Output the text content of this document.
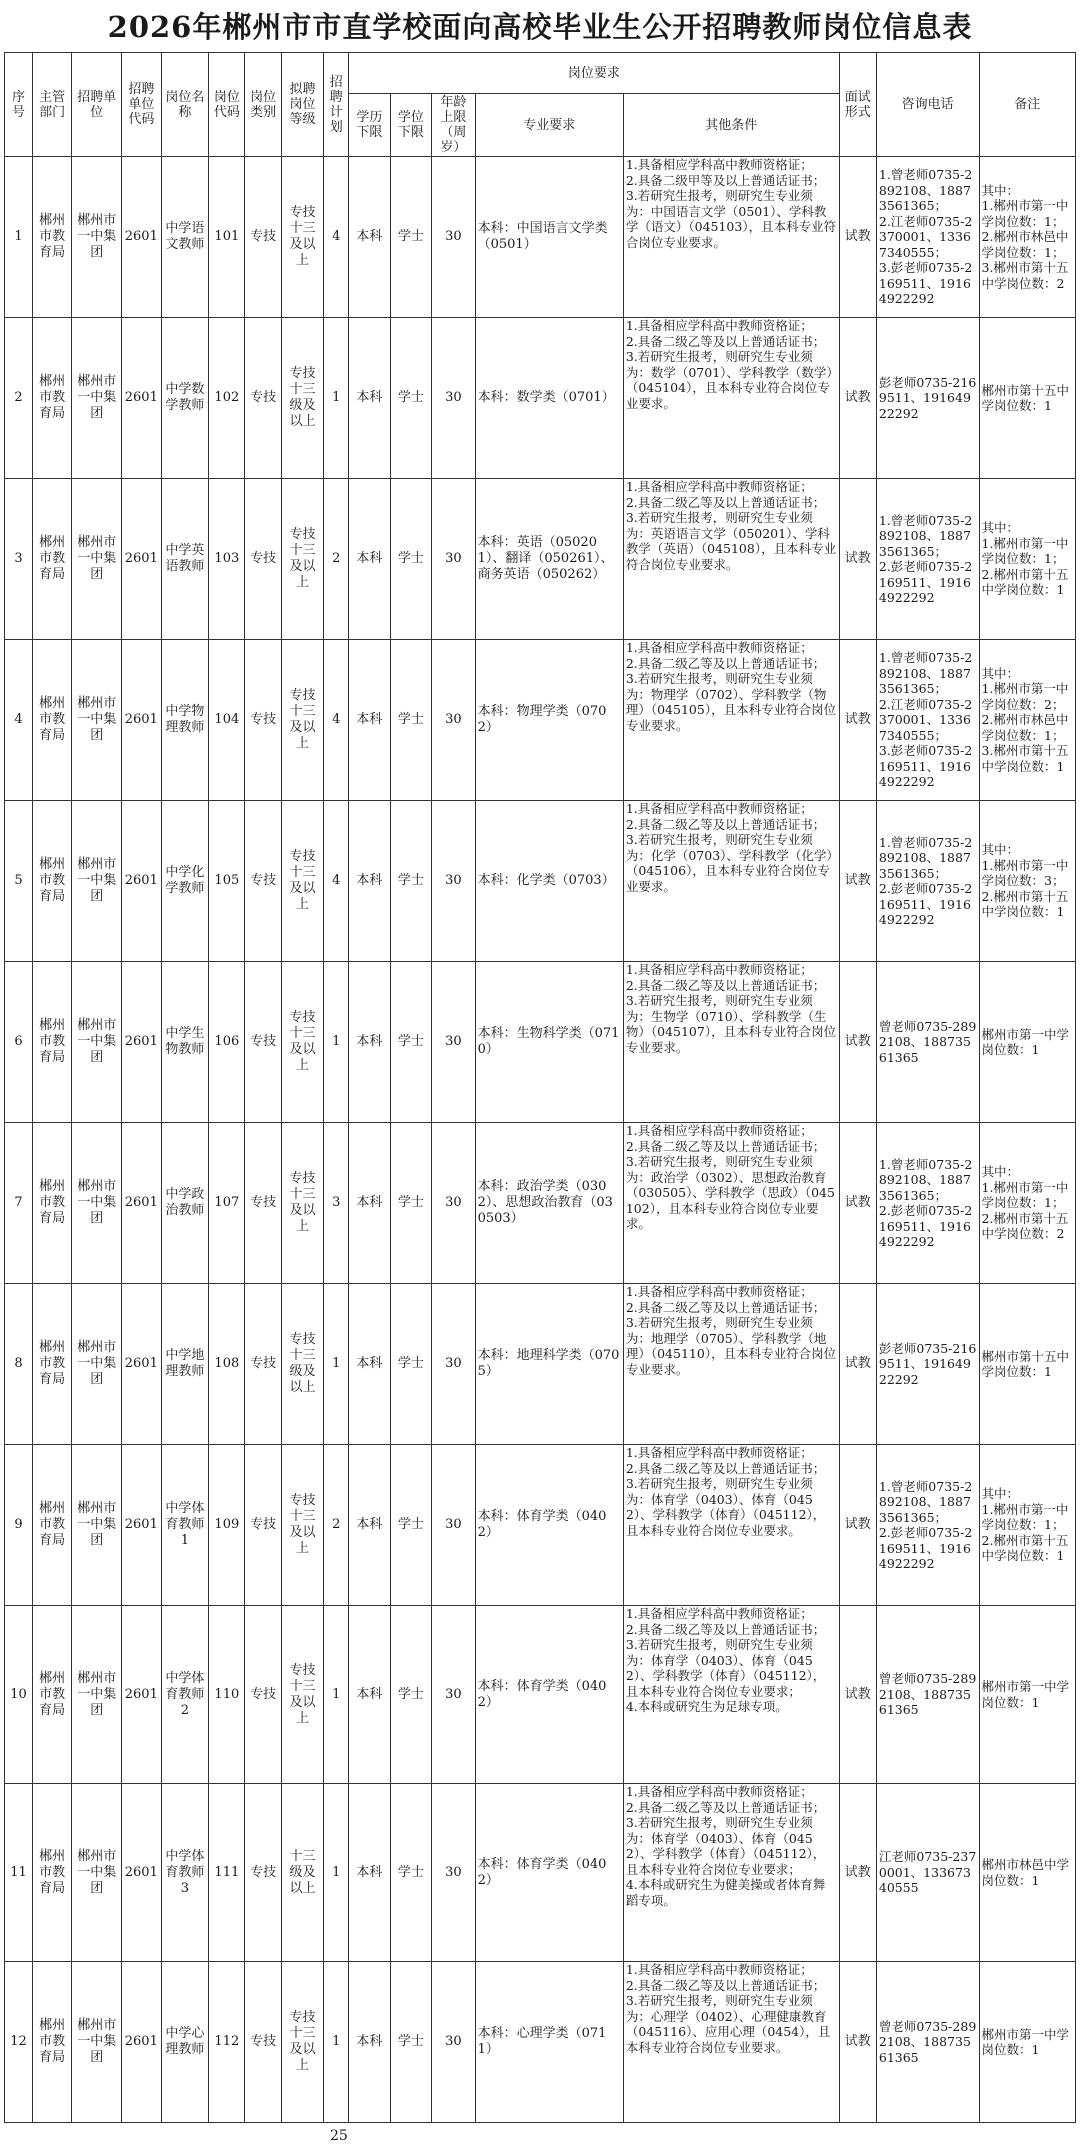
2026年郴州市市直学校面向高校毕业生公开招聘教师岗位信息表
序号	主管部门	招聘单位	招聘单位代码	岗位名称	岗位代码	岗位类别	拟聘岗位等级	招聘计划	岗位要求					面试形式	咨询电话	备注
									学历下限	学位下限	年龄上限（周岁）	专业要求	其他条件			
1	郴州市教育局	郴州市一中集团	2601	中学语文教师	101	专技	专技十三及以上	4	本科	学士	30	本科：中国语言文学类（0501）	1.具备相应学科高中教师资格证；
2.具备二级甲等及以上普通话证书；
3.若研究生报考，则研究生专业须为：中国语言文学（0501）、学科教学（语文）（045103），且本科专业符合岗位专业要求。	试教	1.曾老师0735-2892108、18873561365；
2.江老师0735-2370001、13367340555；
3.彭老师0735-2169511、19164922292	其中：
1.郴州市第一中学岗位数：1；
2.郴州市林邑中学岗位数：1；
3.郴州市第十五中学岗位数：2
2	郴州市教育局	郴州市一中集团	2601	中学数学教师	102	专技	专技十三级及以上	1	本科	学士	30	本科：数学类（0701）	1.具备相应学科高中教师资格证；
2.具备二级乙等及以上普通话证书；
3.若研究生报考，则研究生专业须为：数学（0701）、学科教学（数学）（045104），且本科专业符合岗位专业要求。	试教	彭老师0735-2169511、19164922292	郴州市第十五中学岗位数：1
3	郴州市教育局	郴州市一中集团	2601	中学英语教师	103	专技	专技十三及以上	2	本科	学士	30	本科：英语（050201）、翻译（050261）、商务英语（050262）	1.具备相应学科高中教师资格证；
2.具备二级乙等及以上普通话证书；
3.若研究生报考，则研究生专业须为：英语语言文学（050201）、学科教学（英语）（045108），且本科专业符合岗位专业要求。	试教	1.曾老师0735-2892108、18873561365；
2.彭老师0735-2169511、19164922292	其中：
1.郴州市第一中学岗位数：1；
2.郴州市第十五中学岗位数：1
4	郴州市教育局	郴州市一中集团	2601	中学物理教师	104	专技	专技十三及以上	4	本科	学士	30	本科：物理学类（0702）	1.具备相应学科高中教师资格证；
2.具备二级乙等及以上普通话证书；
3.若研究生报考，则研究生专业须为：物理学（0702）、学科教学（物理）（045105），且本科专业符合岗位专业要求。	试教	1.曾老师0735-2892108、18873561365；
2.江老师0735-2370001、13367340555；
3.彭老师0735-2169511、19164922292	其中：
1.郴州市第一中学岗位数：2；
2.郴州市林邑中学岗位数：1；
3.郴州市第十五中学岗位数：1
5	郴州市教育局	郴州市一中集团	2601	中学化学教师	105	专技	专技十三及以上	4	本科	学士	30	本科：化学类（0703）	1.具备相应学科高中教师资格证；
2.具备二级乙等及以上普通话证书；
3.若研究生报考，则研究生专业须为：化学（0703）、学科教学（化学）（045106），且本科专业符合岗位专业要求。	试教	1.曾老师0735-2892108、18873561365；
2.彭老师0735-2169511、19164922292	其中：
1.郴州市第一中学岗位数：3；
2.郴州市第十五中学岗位数：1
6	郴州市教育局	郴州市一中集团	2601	中学生物教师	106	专技	专技十三及以上	1	本科	学士	30	本科：生物科学类（0710）	1.具备相应学科高中教师资格证；
2.具备二级乙等及以上普通话证书；
3.若研究生报考，则研究生专业须为：生物学（0710）、学科教学（生物）（045107），且本科专业符合岗位专业要求。	试教	曾老师0735-2892108、18873561365	郴州市第一中学岗位数：1
7	郴州市教育局	郴州市一中集团	2601	中学政治教师	107	专技	专技十三及以上	3	本科	学士	30	本科：政治学类（0302）、思想政治教育（030503）	1.具备相应学科高中教师资格证；
2.具备二级乙等及以上普通话证书；
3.若研究生报考，则研究生专业须为：政治学（0302）、思想政治教育（030505）、学科教学（思政）（045102），且本科专业符合岗位专业要求。	试教	1.曾老师0735-2892108、18873561365；
2.彭老师0735-2169511、19164922292	其中：
1.郴州市第一中学岗位数：1；
2.郴州市第十五中学岗位数：2
8	郴州市教育局	郴州市一中集团	2601	中学地理教师	108	专技	专技十三级及以上	1	本科	学士	30	本科：地理科学类（0705）	1.具备相应学科高中教师资格证；
2.具备二级乙等及以上普通话证书；
3.若研究生报考，则研究生专业须为：地理学（0705）、学科教学（地理）（045110），且本科专业符合岗位专业要求。	试教	彭老师0735-2169511、19164922292	郴州市第十五中学岗位数：1
9	郴州市教育局	郴州市一中集团	2601	中学体育教师1	109	专技	专技十三及以上	2	本科	学士	30	本科：体育学类（0402）	1.具备相应学科高中教师资格证；
2.具备二级乙等及以上普通话证书；
3.若研究生报考，则研究生专业须为：体育学（0403）、体育（0452）、学科教学（体育）（045112），且本科专业符合岗位专业要求。	试教	1.曾老师0735-2892108、18873561365；
2.彭老师0735-2169511、19164922292	其中：
1.郴州市第一中学岗位数：1；
2.郴州市第十五中学岗位数：1
10	郴州市教育局	郴州市一中集团	2601	中学体育教师2	110	专技	专技十三及以上	1	本科	学士	30	本科：体育学类（0402）	1.具备相应学科高中教师资格证；
2.具备二级乙等及以上普通话证书；
3.若研究生报考，则研究生专业须为：体育学（0403）、体育（0452）、学科教学（体育）（045112），且本科专业符合岗位专业要求；
4.本科或研究生为足球专项。	试教	曾老师0735-2892108、18873561365	郴州市第一中学岗位数：1
11	郴州市教育局	郴州市一中集团	2601	中学体育教师3	111	专技	十三级及以上	1	本科	学士	30	本科：体育学类（0402）	1.具备相应学科高中教师资格证；
2.具备二级乙等及以上普通话证书；
3.若研究生报考，则研究生专业须为：体育学（0403）、体育（0452）、学科教学（体育）（045112），且本科专业符合岗位专业要求；
4.本科或研究生为健美操或者体育舞蹈专项。	试教	江老师0735-2370001、13367340555	郴州市林邑中学岗位数：1
12	郴州市教育局	郴州市一中集团	2601	中学心理教师	112	专技	专技十三及以上	1	本科	学士	30	本科：心理学类（0711）	1.具备相应学科高中教师资格证；
2.具备二级乙等及以上普通话证书；
3.若研究生报考，则研究生专业须为：心理学（0402）、心理健康教育（045116）、应用心理（0454），且本科专业符合岗位专业要求。	试教	曾老师0735-2892108、18873561365	郴州市第一中学岗位数：1
25
